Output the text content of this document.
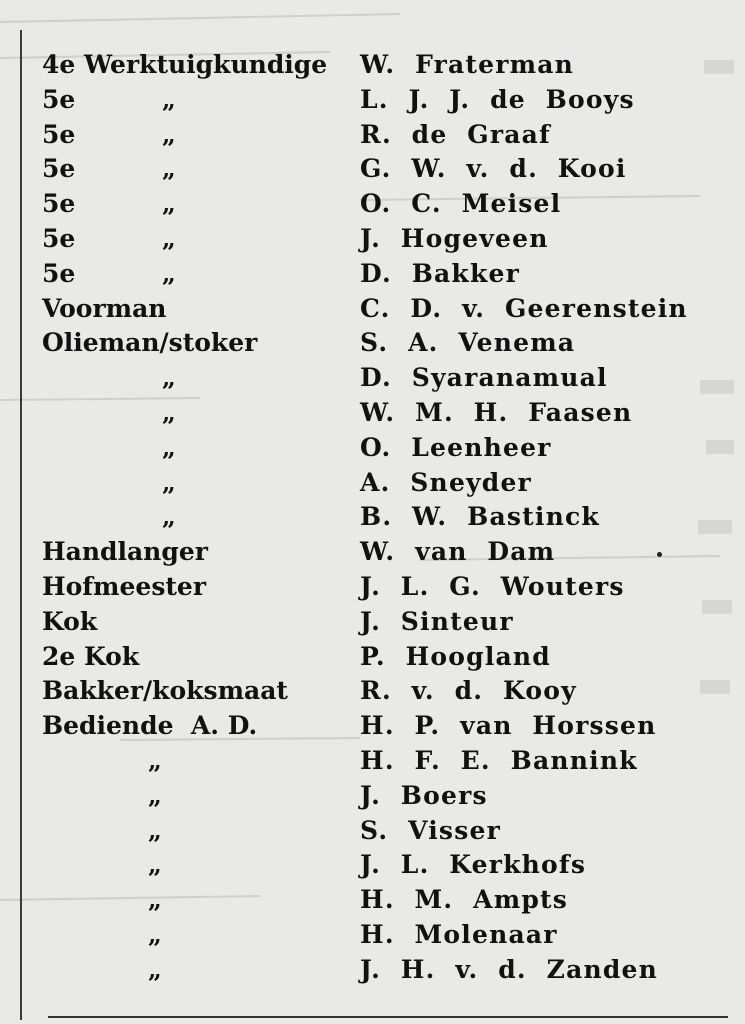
4e Werktuigkundige	W.  Fraterman
5e	„	L.  J.  J.  de  Booys
5e	„	R.  de  Graaf
5e	„	G.  W.  v.  d.  Kooi
5e	„	O.  C.  Meisel
5e	„	J.  Hogeveen
5e	„	D.  Bakker
Voorman	C.  D.  v.  Geerenstein
Olieman/stoker	S.  A.  Venema
„	D.  Syaranamual
„	W.  M.  H.  Faasen
„	O.  Leenheer
„	A.  Sneyder
„	B.  W.  Bastinck
Handlanger	W.  van  Dam
Hofmeester	J.  L.  G.  Wouters
Kok	J.  Sinteur
2e Kok	P.  Hoogland
Bakker/koksmaat	R.  v.  d.  Kooy
Bediende  A. D.	H.  P.  van  Horssen
„	H.  F.  E.  Bannink
„	J.  Boers
„	S.  Visser
„	J.  L.  Kerkhofs
„	H.  M.  Ampts
„	H.  Molenaar
„	J.  H.  v.  d.  Zanden
